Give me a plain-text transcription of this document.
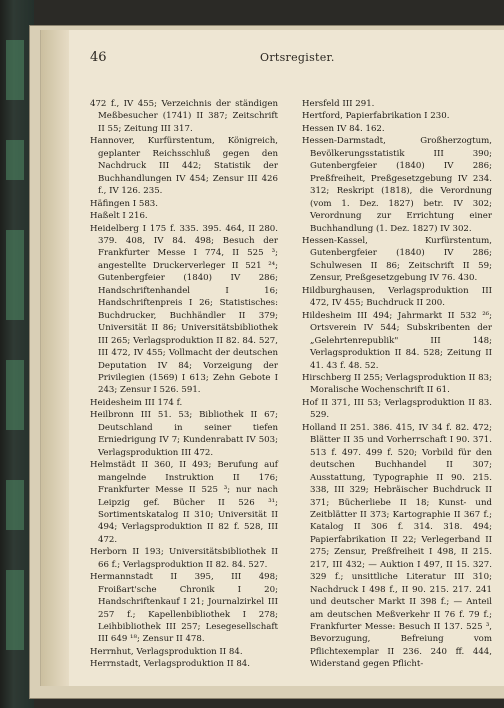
46	Ortsregister.

472 f., IV 455; Verzeichnis der ständigen Meßbesucher (1741) II 387; Zeitschrift II 55; Zeitung III 317.

Hannover, Kurfürstentum, Königreich, geplanter Reichsschluß gegen den Nachdruck III 442; Statistik der Buchhandlungen IV 454; Zensur III 426 f., IV 126. 235.

Häfingen I 583.

Haßelt I 216.

Heidelberg I 175 f. 335. 395. 464, II 280. 379. 408, IV 84. 498; Besuch der Frankfurter Messe I 774, II 525 ³; angestellte Druckerverleger II 521 ²⁴; Gutenbergfeier (1840) IV 286; Handschriftenhandel I 16; Handschriftenpreis I 26; Statistisches: Buchdrucker, Buchhändler II 379; Universität II 86; Universitätsbibliothek III 265; Verlagsproduktion II 82. 84. 527, III 472, IV 455; Vollmacht der deutschen Deputation IV 84; Vorzeigung der Privilegien (1569) I 613; Zehn Gebote I 243; Zensur I 526. 591.

Heidesheim III 174 f.

Heilbronn III 51. 53; Bibliothek II 67; Deutschland in seiner tiefen Erniedrigung IV 7; Kundenrabatt IV 503; Verlagsproduktion III 472.

Helmstädt II 360, II 493; Berufung auf mangelnde Instruktion II 176; Frankfurter Messe II 525 ³; nur nach Leipzig gef. Bücher II 526 ³¹; Sortimentskatalog II 310; Universität II 494; Verlagsproduktion II 82 f. 528, III 472.

Herborn II 193; Universitätsbibliothek II 66 f.; Verlagsproduktion II 82. 84. 527.

Hermannstadt II 395, III 498; Froißart'sche Chronik I 20; Handschriftenkauf I 21; Journalzirkel III 257 f.; Kapellenbibliothek I 278; Leihbibliothek III 257; Lesegesellschaft III 649 ¹⁸; Zensur II 478.

Herrnhut, Verlagsproduktion II 84.

Herrnstadt, Verlagsproduktion II 84.

Hersfeld III 291.

Hertford, Papierfabrikation I 230.

Hessen IV 84. 162.

Hessen-Darmstadt, Großherzogtum, Bevölkerungsstatistik III 390; Gutenbergfeier (1840) IV 286; Preßfreiheit, Preßgesetzgebung IV 234. 312; Reskript (1818), die Verordnung (vom 1. Dez. 1827) betr. IV 302; Verordnung zur Errichtung einer Buchhandlung (1. Dez. 1827) IV 302.

Hessen-Kassel, Kurfürstentum, Gutenbergfeier (1840) IV 286; Schulwesen II 86; Zeitschrift II 59; Zensur, Preßgesetzgebung IV 76. 430.

Hildburghausen, Verlagsproduktion III 472, IV 455; Buchdruck II 200.

Hildesheim III 494; Jahrmarkt II 532 ²⁶; Ortsverein IV 544; Subskribenten der „Gelehrtenrepublik" III 148; Verlagsproduktion II 84. 528; Zeitung II 41. 43 f. 48. 52.

Hirschberg II 255; Verlagsproduktion II 83; Moralische Wochenschrift II 61.

Hof II 371, III 53; Verlagsproduktion II 83. 529.

Holland II 251. 386. 415, IV 34 f. 82. 472; Blätter II 35 und Vorherrschaft I 90. 371. 513 f. 497. 499 f. 520; Vorbild für den deutschen Buchhandel II 307; Ausstattung, Typographie II 90. 215. 338, III 329; Hebräischer Buchdruck II 371; Bücherliebe II 18; Kunst- und Zeitblätter II 373; Kartographie II 367 f.; Katalog II 306 f. 314. 318. 494; Papierfabrikation II 22; Verlegerband II 275; Zensur, Preßfreiheit I 498, II 215. 217, III 432; — Auktion I 497, II 15. 327. 329 f.; unsittliche Literatur III 310; Nachdruck I 498 f., II 90. 215. 217. 241 und deutscher Markt II 398 f.; — Anteil am deutschen Meßverkehr II 76 f. 79 f.; Frankfurter Messe: Besuch II 137. 525 ³, Bevorzugung, Befreiung vom Pflichtexemplar II 236. 240 ff. 444, Widerstand gegen Pflicht-
